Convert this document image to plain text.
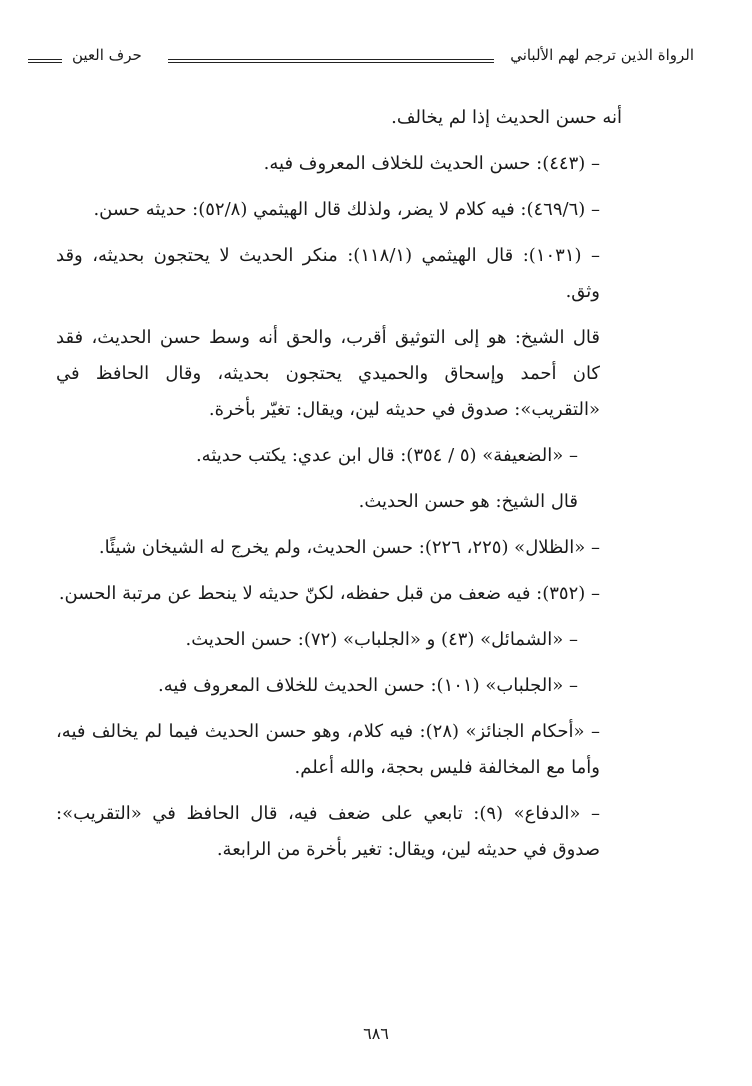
حرف العين	الرواة الذين ترجم لهم الألباني

أنه حسن الحديث إذا لم يخالف.

– (٤٤٣): حسن الحديث للخلاف المعروف فيه.

– (٤٦٩/٦): فيه كلام لا يضر، ولذلك قال الهيثمي (٥٢/٨): حديثه حسن.

– (١٠٣١): قال الهيثمي (١١٨/١): منكر الحديث لا يحتجون بحديثه، وقد وثق.

قال الشيخ: هو إلى التوثيق أقرب، والحق أنه وسط حسن الحديث، فقد كان أحمد وإسحاق والحميدي يحتجون بحديثه، وقال الحافظ في «التقريب»: صدوق في حديثه لين، ويقال: تغيّر بأخرة.

– «الضعيفة» (٥ / ٣٥٤): قال ابن عدي: يكتب حديثه.

قال الشيخ: هو حسن الحديث.

– «الظلال» (٢٢٥، ٢٢٦): حسن الحديث، ولم يخرج له الشيخان شيئًا.

– (٣٥٢): فيه ضعف من قبل حفظه، لكنّ حديثه لا ينحط عن مرتبة الحسن.

– «الشمائل» (٤٣) و «الجلباب» (٧٢): حسن الحديث.

– «الجلباب» (١٠١): حسن الحديث للخلاف المعروف فيه.

– «أحكام الجنائز» (٢٨): فيه كلام، وهو حسن الحديث فيما لم يخالف فيه، وأما مع المخالفة فليس بحجة، والله أعلم.

– «الدفاع» (٩): تابعي على ضعف فيه، قال الحافظ في «التقريب»: صدوق في حديثه لين، ويقال: تغير بأخرة من الرابعة.

٦٨٦
